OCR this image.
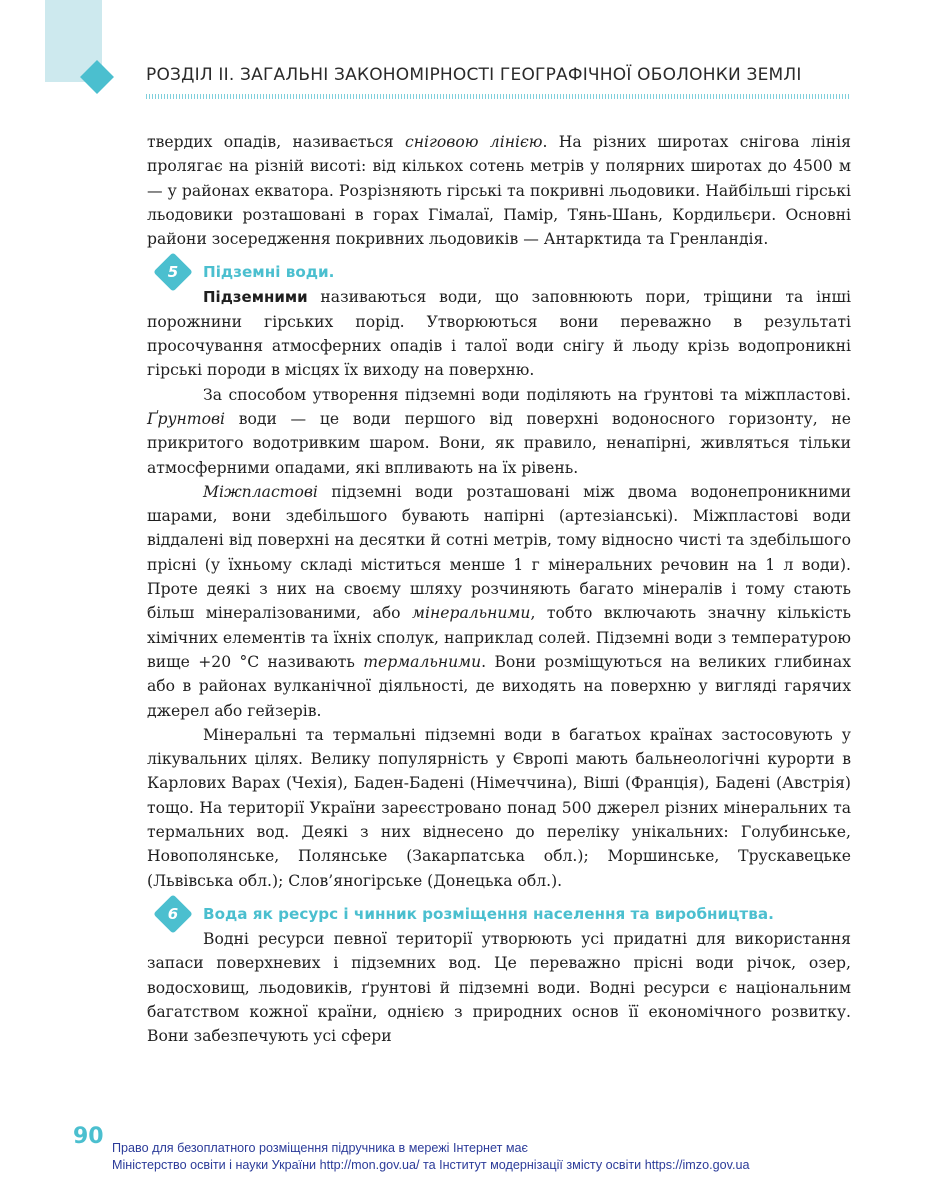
РОЗДІЛ ІІ. ЗАГАЛЬНІ ЗАКОНОМІРНОСТІ ГЕОГРАФІЧНОЇ ОБОЛОНКИ ЗЕМЛІ

твердих опадів, називається сніговою лінією. На різних широтах снігова лінія пролягає на різній висоті: від кількох сотень метрів у полярних широтах до 4500 м — у районах екватора. Розрізняють гірські та покривні льодовики. Найбільші гірські льодовики розташовані в горах Гімалаї, Памір, Тянь-Шань, Кордильєри. Основні райони зосередження покривних льодовиків — Антарктида та Гренландія.

5	Підземні води.

Підземними називаються води, що заповнюють пори, тріщини та інші порожнини гірських порід. Утворюються вони переважно в результаті просочування атмосферних опадів і талої води снігу й льоду крізь водопроникні гірські породи в місцях їх виходу на поверхню.

За способом утворення підземні води поділяють на ґрунтові та міжпластові. Ґрунтові води — це води першого від поверхні водоносного горизонту, не прикритого водотривким шаром. Вони, як правило, ненапірні, живляться тільки атмосферними опадами, які впливають на їх рівень.

Міжпластові підземні води розташовані між двома водонепроникними шарами, вони здебільшого бувають напірні (артезіанські). Міжпластові води віддалені від поверхні на десятки й сотні метрів, тому відносно чисті та здебільшого прісні (у їхньому складі міститься менше 1 г мінеральних речовин на 1 л води). Проте деякі з них на своєму шляху розчиняють багато мінералів і тому стають більш мінералізованими, або мінеральними, тобто включають значну кількість хімічних елементів та їхніх сполук, наприклад солей. Підземні води з температурою вище +20 °С називають термальними. Вони розміщуються на великих глибинах або в районах вулканічної діяльності, де виходять на поверхню у вигляді гарячих джерел або гейзерів.

Мінеральні та термальні підземні води в багатьох країнах застосовують у лікувальних цілях. Велику популярність у Європі мають бальнеологічні курорти в Карлових Варах (Чехія), Баден-Бадені (Німеччина), Віші (Франція), Бадені (Австрія) тощо. На території України зареєстровано понад 500 джерел різних мінеральних та термальних вод. Деякі з них віднесено до переліку унікальних: Голубинське, Новополянське, Полянське (Закарпатська обл.); Моршинське, Трускавецьке (Львівська обл.); Слов’яногірське (Донецька обл.).

6	Вода як ресурс і чинник розміщення населення та виробництва.

Водні ресурси певної території утворюють усі придатні для використання запаси поверхневих і підземних вод. Це переважно прісні води річок, озер, водосховищ, льодовиків, ґрунтові й підземні води. Водні ресурси є національним багатством кожної країни, однією з природних основ її економічного розвитку. Вони забезпечують усі сфери

90 Право для безоплатного розміщення підручника в мережі Інтернет має
Міністерство освіти і науки України http://mon.gov.ua/ та Інститут модернізації змісту освіти https://imzo.gov.ua
